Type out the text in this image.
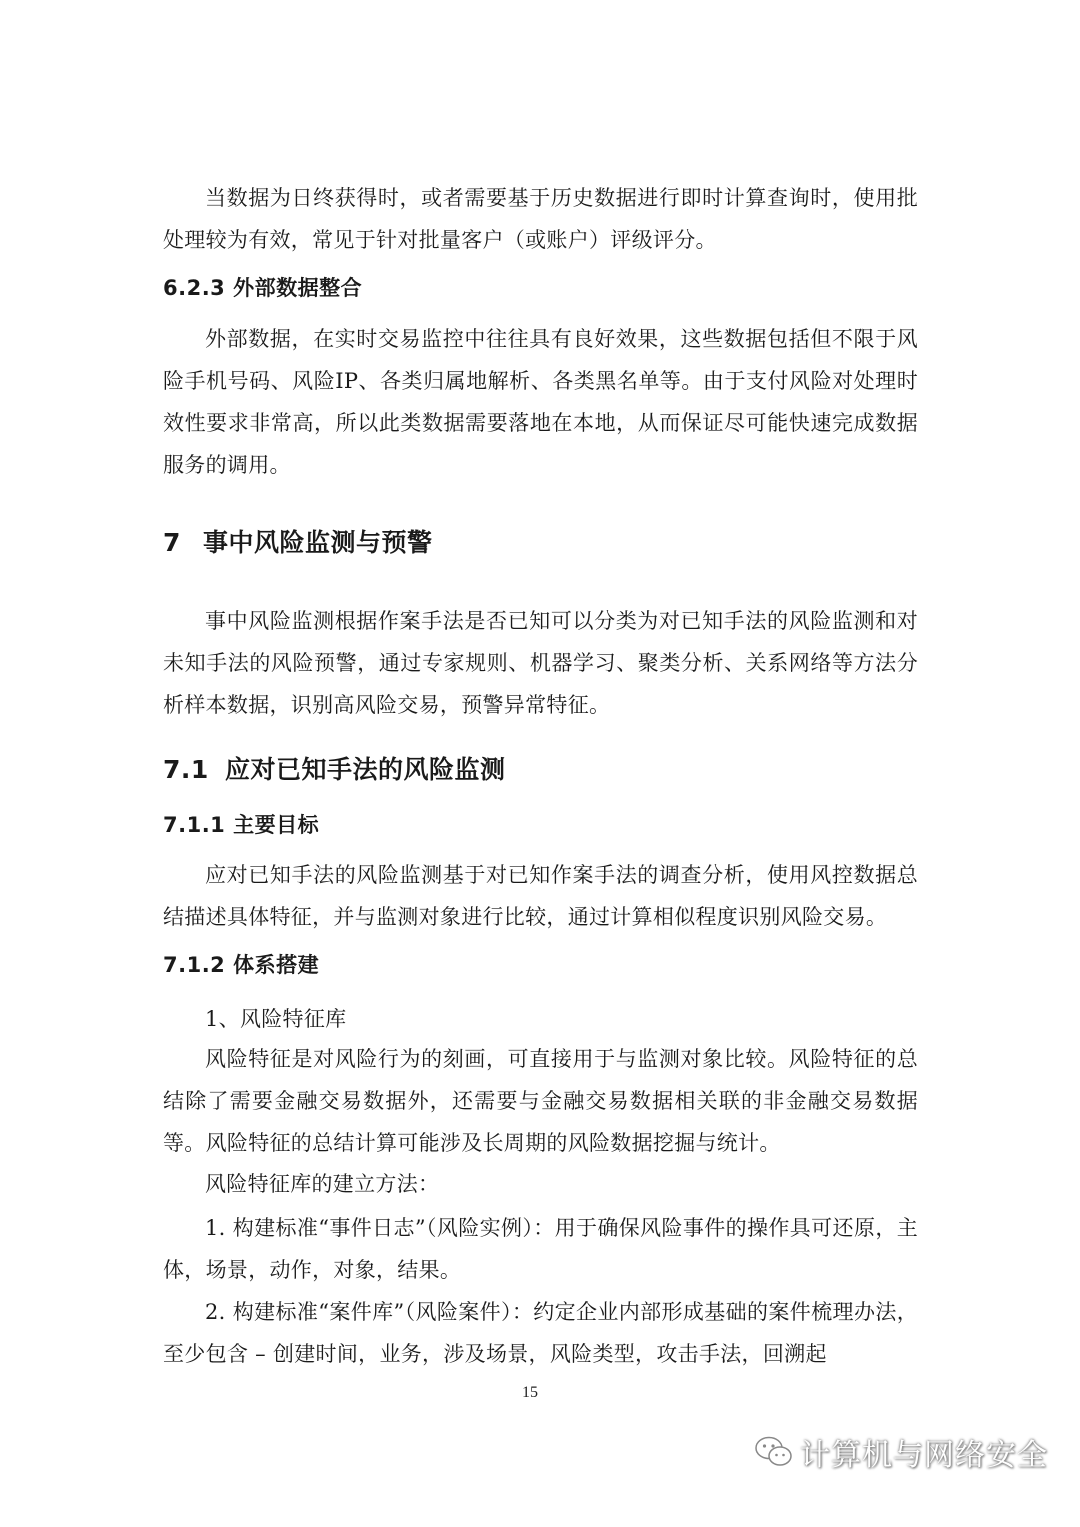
当数据为日终获得时，或者需要基于历史数据进行即时计算查询时，使用批处理较为有效，常见于针对批量客户（或账户）评级评分。

6.2.3 外部数据整合

外部数据，在实时交易监控中往往具有良好效果，这些数据包括但不限于风险手机号码、风险IP、各类归属地解析、各类黑名单等。由于支付风险对处理时效性要求非常高，所以此类数据需要落地在本地，从而保证尽可能快速完成数据服务的调用。

7 事中风险监测与预警

事中风险监测根据作案手法是否已知可以分类为对已知手法的风险监测和对未知手法的风险预警，通过专家规则、机器学习、聚类分析、关系网络等方法分析样本数据，识别高风险交易，预警异常特征。

7.1 应对已知手法的风险监测
7.1.1 主要目标

应对已知手法的风险监测基于对已知作案手法的调查分析，使用风控数据总结描述具体特征，并与监测对象进行比较，通过计算相似程度识别风险交易。

7.1.2 体系搭建

1、风险特征库

风险特征是对风险行为的刻画，可直接用于与监测对象比较。风险特征的总结除了需要金融交易数据外，还需要与金融交易数据相关联的非金融交易数据等。风险特征的总结计算可能涉及长周期的风险数据挖掘与统计。

风险特征库的建立方法：

1. 构建标准“事件日志”（风险实例）：用于确保风险事件的操作具可还原，主体，场景，动作，对象，结果。

2. 构建标准“案件库”（风险案件）：约定企业内部形成基础的案件梳理办法，至少包含 – 创建时间，业务，涉及场景，风险类型，攻击手法，回溯起

15
计算机与网络安全
